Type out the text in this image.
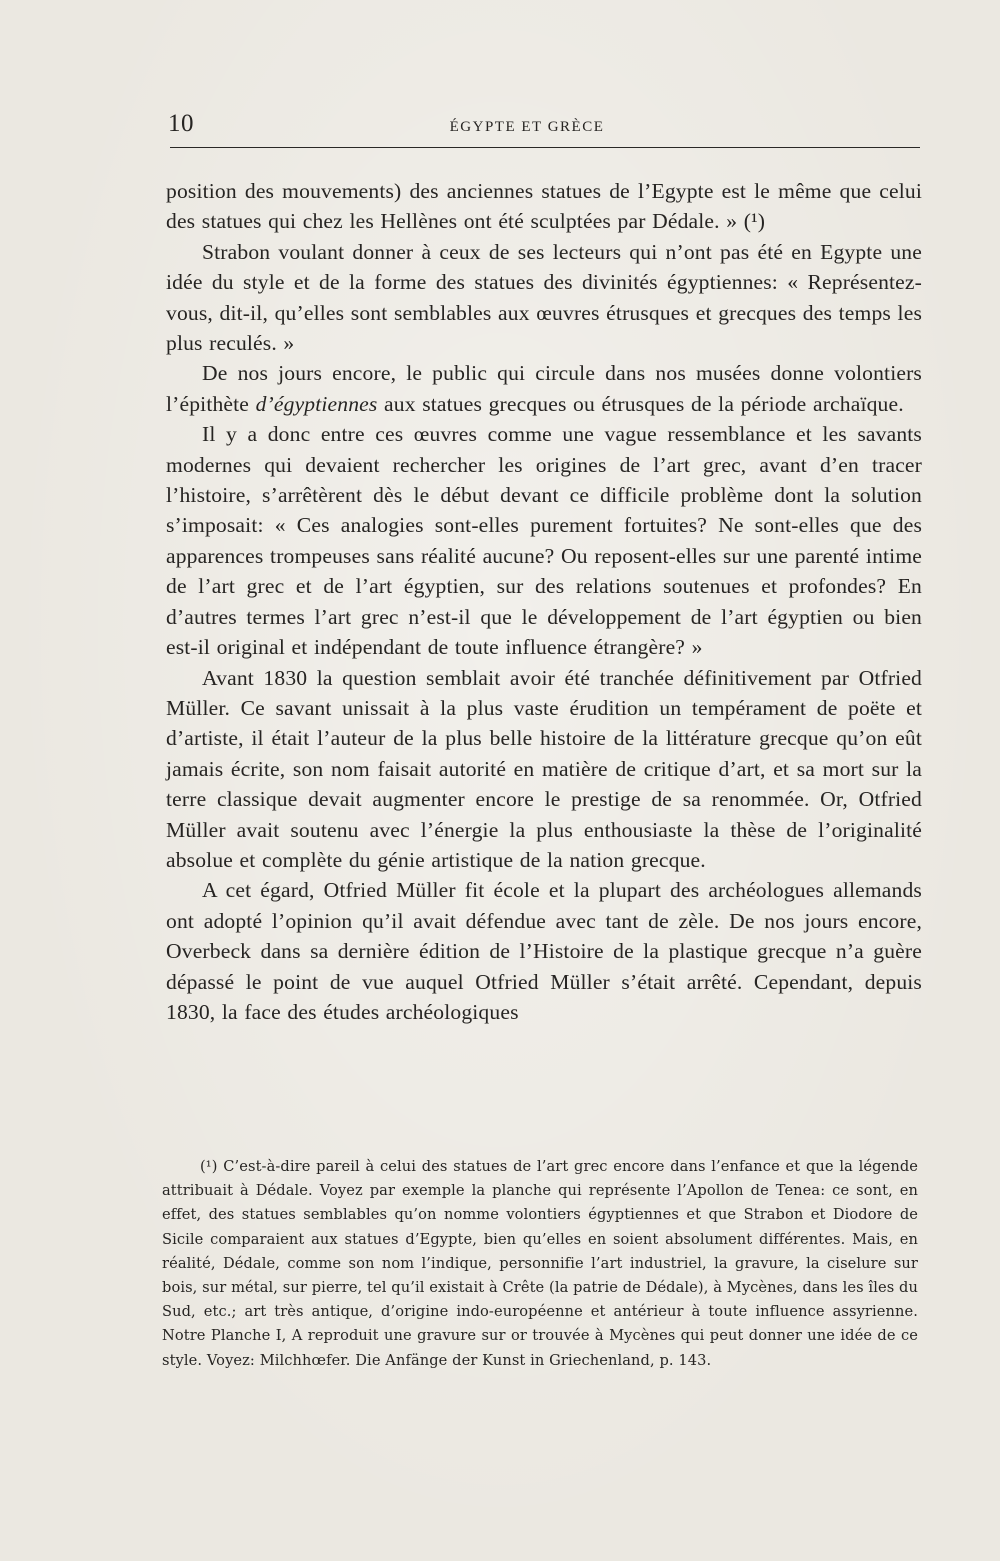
10	ÉGYPTE ET GRÈCE

position des mouvements) des anciennes statues de l’Egypte est le même que celui des statues qui chez les Hellènes ont été sculptées par Dédale. » (¹)

Strabon voulant donner à ceux de ses lecteurs qui n’ont pas été en Egypte une idée du style et de la forme des statues des divinités égyptiennes: « Représentez-vous, dit-il, qu’elles sont semblables aux œuvres étrusques et grecques des temps les plus reculés. »

De nos jours encore, le public qui circule dans nos musées donne volontiers l’épithète d’égyptiennes aux statues grecques ou étrusques de la période archaïque.

Il y a donc entre ces œuvres comme une vague ressemblance et les savants modernes qui devaient rechercher les origines de l’art grec, avant d’en tracer l’histoire, s’arrêtèrent dès le début devant ce difficile problème dont la solution s’imposait: « Ces analogies sont-elles purement fortuites? Ne sont-elles que des apparences trompeuses sans réalité aucune? Ou reposent-elles sur une parenté intime de l’art grec et de l’art égyptien, sur des relations soutenues et profondes? En d’autres termes l’art grec n’est-il que le développement de l’art égyptien ou bien est-il original et indépendant de toute influence étrangère? »

Avant 1830 la question semblait avoir été tranchée définitivement par Otfried Müller. Ce savant unissait à la plus vaste érudition un tempérament de poëte et d’artiste, il était l’auteur de la plus belle histoire de la littérature grecque qu’on eût jamais écrite, son nom faisait autorité en matière de critique d’art, et sa mort sur la terre classique devait augmenter encore le prestige de sa renommée. Or, Otfried Müller avait soutenu avec l’énergie la plus enthousiaste la thèse de l’originalité absolue et complète du génie artistique de la nation grecque.

A cet égard, Otfried Müller fit école et la plupart des archéologues allemands ont adopté l’opinion qu’il avait défendue avec tant de zèle. De nos jours encore, Overbeck dans sa dernière édition de l’Histoire de la plastique grecque n’a guère dépassé le point de vue auquel Otfried Müller s’était arrêté. Cependant, depuis 1830, la face des études archéologiques

(¹) C’est-à-dire pareil à celui des statues de l’art grec encore dans l’enfance et que la légende attribuait à Dédale. Voyez par exemple la planche qui représente l’Apollon de Tenea: ce sont, en effet, des statues semblables qu’on nomme volontiers égyptiennes et que Strabon et Diodore de Sicile comparaient aux statues d’Egypte, bien qu’elles en soient absolument différentes. Mais, en réalité, Dédale, comme son nom l’indique, personnifie l’art industriel, la gravure, la ciselure sur bois, sur métal, sur pierre, tel qu’il existait à Crête (la patrie de Dédale), à Mycènes, dans les îles du Sud, etc.; art très antique, d’origine indo-européenne et antérieur à toute influence assyrienne. Notre Planche I, A reproduit une gravure sur or trouvée à Mycènes qui peut donner une idée de ce style. Voyez: Milchhœfer. Die Anfänge der Kunst in Griechenland, p. 143.
